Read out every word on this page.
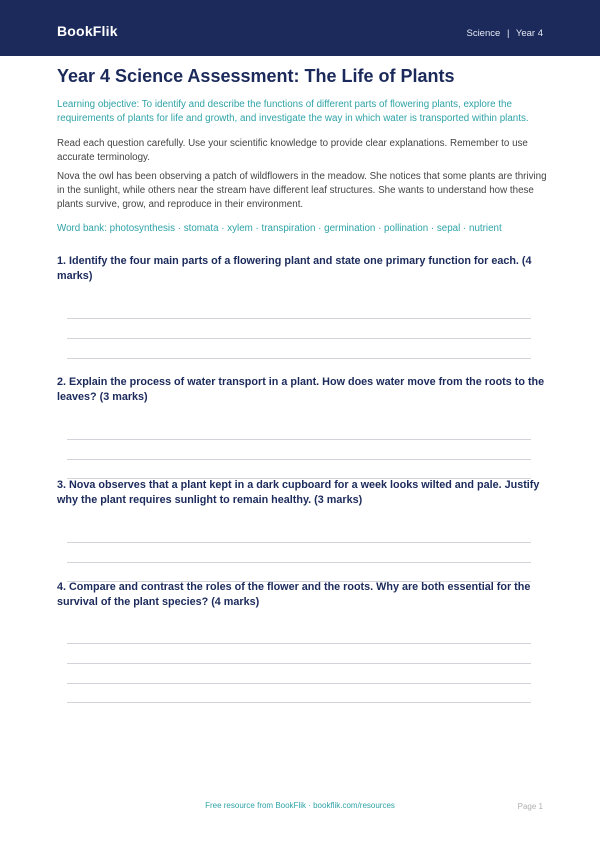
BookFlik	Science | Year 4
Year 4 Science Assessment: The Life of Plants
Learning objective: To identify and describe the functions of different parts of flowering plants, explore the requirements of plants for life and growth, and investigate the way in which water is transported within plants.
Read each question carefully. Use your scientific knowledge to provide clear explanations. Remember to use accurate terminology.
Nova the owl has been observing a patch of wildflowers in the meadow. She notices that some plants are thriving in the sunlight, while others near the stream have different leaf structures. She wants to understand how these plants survive, grow, and reproduce in their environment.
Word bank: photosynthesis · stomata · xylem · transpiration · germination · pollination · sepal · nutrient
1. Identify the four main parts of a flowering plant and state one primary function for each. (4 marks)
2. Explain the process of water transport in a plant. How does water move from the roots to the leaves? (3 marks)
3. Nova observes that a plant kept in a dark cupboard for a week looks wilted and pale. Justify why the plant requires sunlight to remain healthy. (3 marks)
4. Compare and contrast the roles of the flower and the roots. Why are both essential for the survival of the plant species? (4 marks)
Free resource from BookFlik · bookflik.com/resources	Page 1
